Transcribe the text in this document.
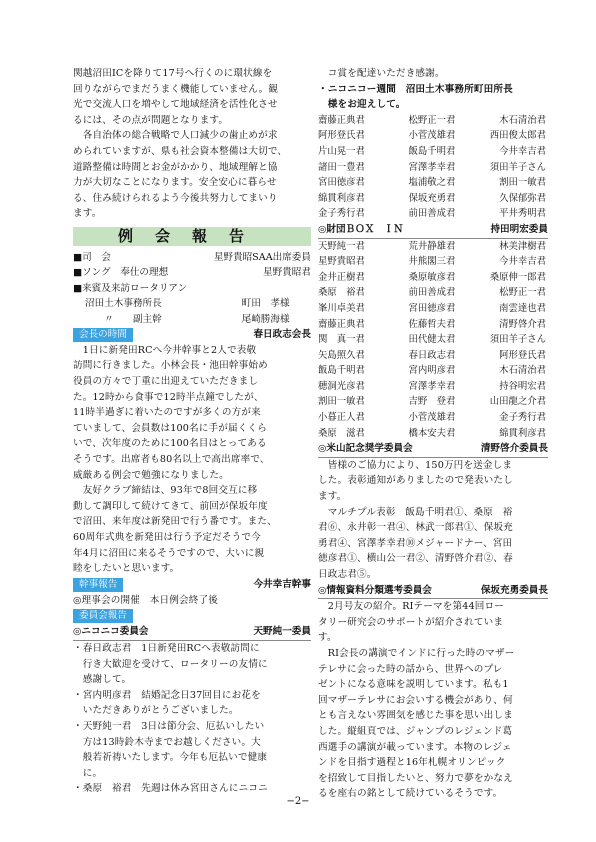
関越沼田ICを降りて17号へ行くのに環状線を
回りながらでまだうまく機能していません。観
光で交流人口を増やして地域経済を活性化させ
るには、その点が問題となります。
　各自治体の総合戦略で人口減少の歯止めが求
められていますが、県も社会資本整備は大切で、
道路整備は時間とお金がかかり、地域理解と協
力が大切なことになります。安全安心に暮らせ
る、住み続けられるよう今後共努力してまいり
ます。
例会報告
■司　会	星野貴昭SAA出席委員
■ソング　奉仕の理想	星野貴昭君
■来賓及来訪ロータリアン
沼田土木事務所長	町田　孝様
　　〃　　副主幹	尾崎勝海様
会長の時間	春日政志会長
　1日に新発田RCへ今井幹事と2人で表敬
訪問に行きました。小林会長・池田幹事始め
役員の方々で丁重に出迎えていただきまし
た。12時から食事で12時半点鐘でしたが、
11時半過ぎに着いたのですが多くの方が来
ていまして、会員数は100名に手が届くくら
いで、次年度のために100名目はとってある
そうです。出席者も80名以上で高出席率で、
威厳ある例会で勉強になりました。
　友好クラブ締結は、93年で8回交互に移
動して調印して続けてきて、前回が保坂年度
で沼田、来年度は新発田で行う番です。また、
60周年式典を新発田は行う予定だそうで今
年4月に沼田に来るそうですので、大いに親
睦をしたいと思います。
幹事報告	今井幸吉幹事
◎理事会の開催　本日例会終了後
委員会報告
◎ニコニコ委員会	天野純一委員
・春日政志君　1日新発田RCへ表敬訪問に
　行き大歓迎を受けて、ロータリーの友情に
　感謝して。
・宮内明彦君　結婚記念日37回目にお花を
　いただきありがとうございました。
・天野純一君　3日は節分会、厄払いしたい
　方は13時鈴木寺までお越しください。大
　般若祈祷いたします。今年も厄払いで健康
　に。
・桑原　裕君　先週は休み宮田さんにニコニ
　コ賞を配達いただき感謝。
・ニコニコー週間　沼田土木事務所町田所長
　様をお迎えして。
齋藤正典君	松野正一君	木石清治君
阿形登氏君	小菅茂雄君	西田俊太郎君
片山晃一君	飯島千明君	今井幸吉君
諸田一豊君	宮澤孝幸君	須田羊子さん
宮田徳彦君	塩浦敬之君	割田一敏君
綿貫利彦君	保坂充勇君	久保郁弥君
金子秀行君	前田善成君	平井秀明君
◎財団ＢＯＸ　ＩＮ	持田明宏委員
天野純一君	荒井静雄君	林美津樹君
星野貴昭君	井熊閣三君	今井幸吉君
金井正樹君	桑原敏彦君	桑原伸一郎君
桑原　裕君	前田善成君	松野正一君
峯川卓美君	宮田徳彦君	南雲達也君
齋藤正典君	佐藤哲夫君	清野啓介君
関　真一君	田代健太君	須田羊子さん
矢島照久君	春日政志君	阿形登氏君
飯島千明君	宮内明彦君	木石清治君
穂洞光彦君	宮澤孝幸君	持谷明宏君
割田一敏君	吉野　登君	山田龍之介君
小暮正人君	小菅茂雄君	金子秀行君
桑原　滋君	橋本安夫君	綿貫利彦君
◎米山記念奨学委員会	清野啓介委員長
　皆様のご協力により、150万円を送金しま
した。表彰通知がありましたので発表いたし
ます。
　マルチプル表彰　飯島千明君①、桑原　裕
君⑥、永井彰一君④、林武一郎君①、保坂充
勇君④、宮澤孝幸君⑩メジャードナー、宮田
徳彦君①、横山公一君②、清野啓介君②、春
日政志君⑤。
◎情報資料分類選考委員会	保坂充勇委員長
　2月号友の紹介。RIテーマを第44回ロー
タリー研究会のサポートが紹介されていま
す。
　RI会長の講演でインドに行った時のマザー
テレサに会った時の話から、世界へのプレ
ゼントになる意味を説明しています。私も1
回マザーテレサにお会いする機会があり、何
とも言えない雰囲気を感じた事を思い出しま
した。縦組頁では、ジャンプのレジェンド葛
西選手の講演が載っています。本物のレジェ
ンドを目指す過程と16年札幌オリンピック
を招致して目指したいと、努力で夢をかなえ
るを座右の銘として続けているそうです。
−2−
